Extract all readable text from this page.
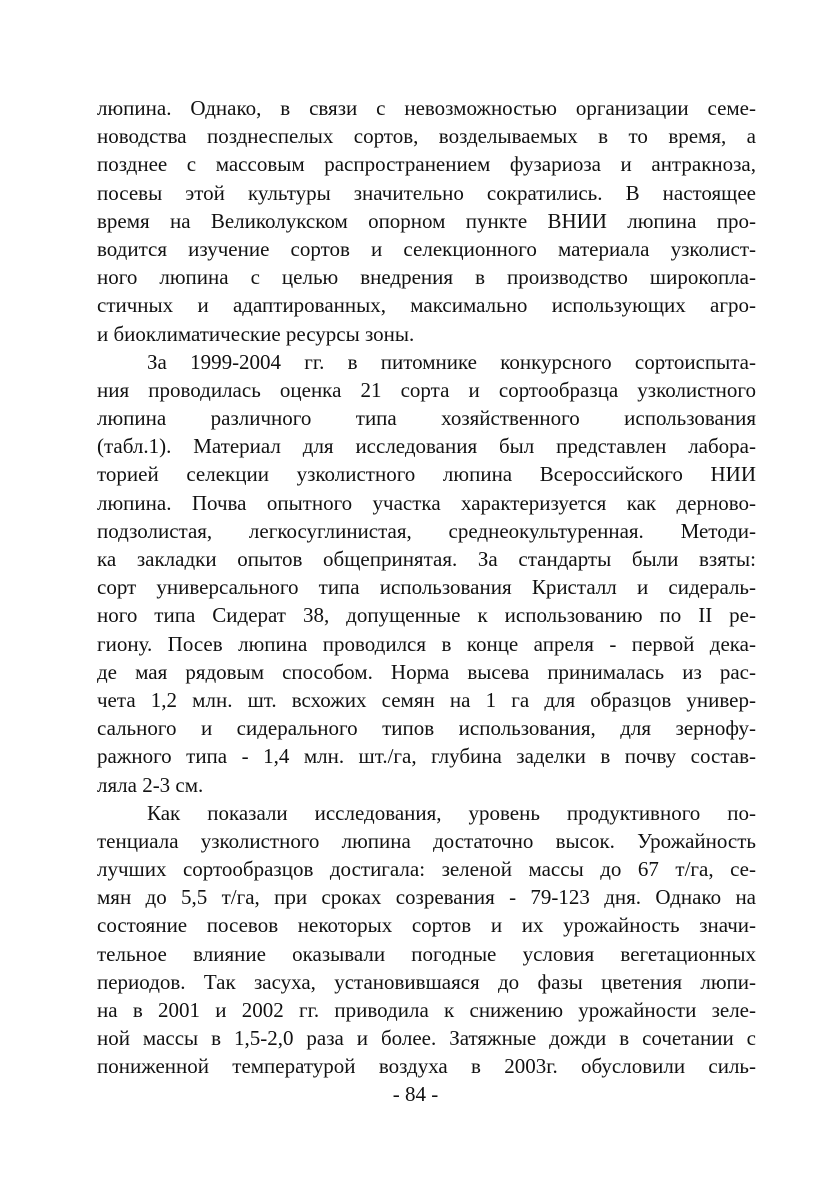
люпина. Однако, в связи с невозможностью организации семе-
новодства позднеспелых сортов, возделываемых в то время, а
позднее с массовым распространением фузариоза и антракноза,
посевы этой культуры значительно сократились. В настоящее
время на Великолукском опорном пункте ВНИИ люпина про-
водится изучение сортов и селекционного материала узколист-
ного люпина с целью внедрения в производство широкопла-
стичных и адаптированных, максимально использующих агро-
и биоклиматические ресурсы зоны.
За 1999-2004 гг. в питомнике конкурсного сортоиспыта-
ния проводилась оценка 21 сорта и сортообразца узколистного
люпина различного типа хозяйственного использования
(табл.1). Материал для исследования был представлен лабора-
торией селекции узколистного люпина Всероссийского НИИ
люпина. Почва опытного участка характеризуется как дерново-
подзолистая, легкосуглинистая, среднеокультуренная. Методи-
ка закладки опытов общепринятая. За стандарты были взяты:
сорт универсального типа использования Кристалл и сидераль-
ного типа Сидерат 38, допущенные к использованию по II ре-
гиону. Посев люпина проводился в конце апреля - первой дека-
де мая рядовым способом. Норма высева принималась из рас-
чета 1,2 млн. шт. всхожих семян на 1 га для образцов универ-
сального и сидерального типов использования, для зернофу-
ражного типа - 1,4 млн. шт./га, глубина заделки в почву состав-
ляла 2-3 см.
Как показали исследования, уровень продуктивного по-
тенциала узколистного люпина достаточно высок. Урожайность
лучших сортообразцов достигала: зеленой массы до 67 т/га, се-
мян до 5,5 т/га, при сроках созревания - 79-123 дня. Однако на
состояние посевов некоторых сортов и их урожайность значи-
тельное влияние оказывали погодные условия вегетационных
периодов. Так засуха, установившаяся до фазы цветения люпи-
на в 2001 и 2002 гг. приводила к снижению урожайности зеле-
ной массы в 1,5-2,0 раза и более. Затяжные дожди в сочетании с
пониженной температурой воздуха в 2003г. обусловили силь-
- 84 -
